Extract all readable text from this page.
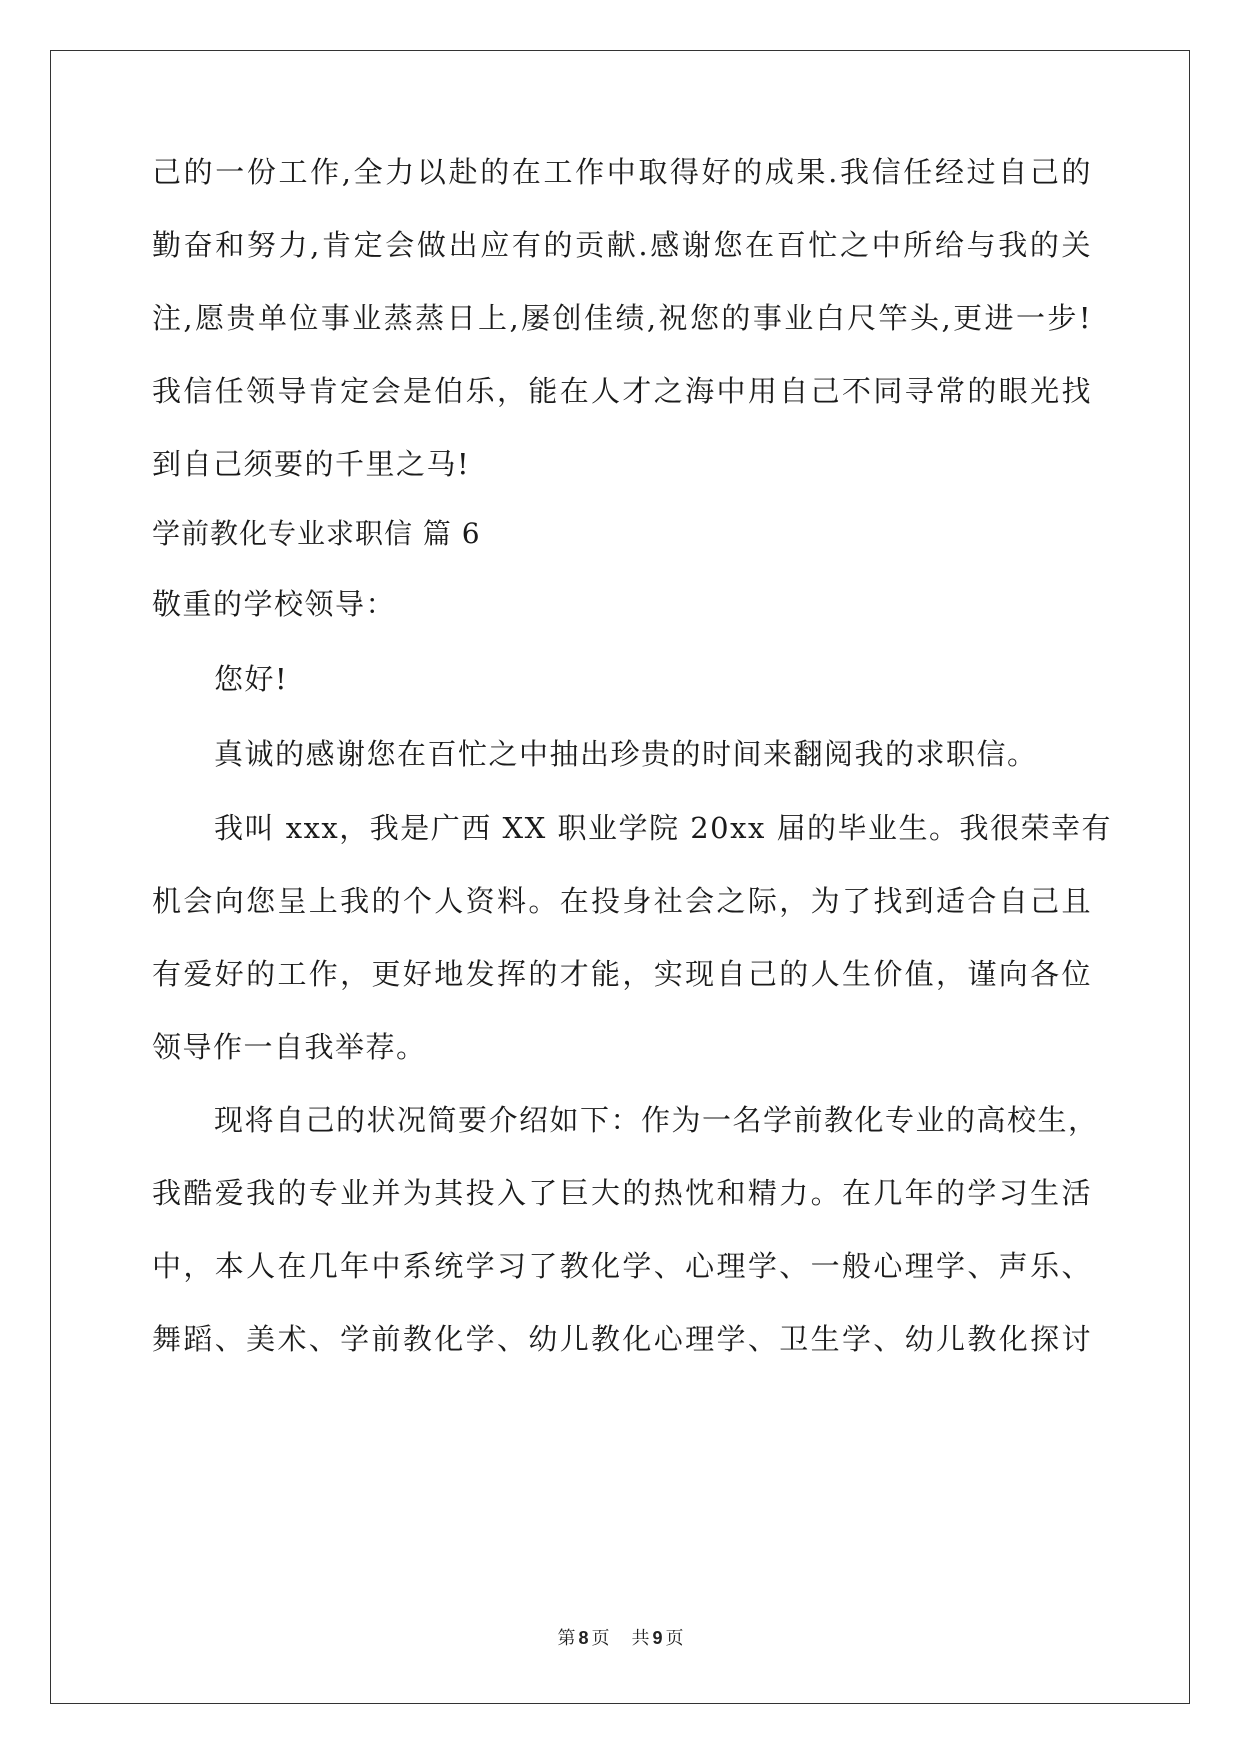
己的一份工作,全力以赴的在工作中取得好的成果.我信任经过自己的
勤奋和努力,肯定会做出应有的贡献.感谢您在百忙之中所给与我的关
注,愿贵单位事业蒸蒸日上,屡创佳绩,祝您的事业白尺竿头,更进一步!
我信任领导肯定会是伯乐，能在人才之海中用自己不同寻常的眼光找
到自己须要的千里之马!
学前教化专业求职信 篇 6
敬重的学校领导：
您好!
真诚的感谢您在百忙之中抽出珍贵的时间来翻阅我的求职信。
我叫 xxx，我是广西 XX 职业学院 20xx 届的毕业生。我很荣幸有
机会向您呈上我的个人资料。在投身社会之际，为了找到适合自己且
有爱好的工作，更好地发挥的才能，实现自己的人生价值，谨向各位
领导作一自我举荐。
现将自己的状况简要介绍如下：作为一名学前教化专业的高校生，
我酷爱我的专业并为其投入了巨大的热忱和精力。在几年的学习生活
中，本人在几年中系统学习了教化学、心理学、一般心理学、声乐、
舞蹈、美术、学前教化学、幼儿教化心理学、卫生学、幼儿教化探讨
第 8 页 共 9 页
